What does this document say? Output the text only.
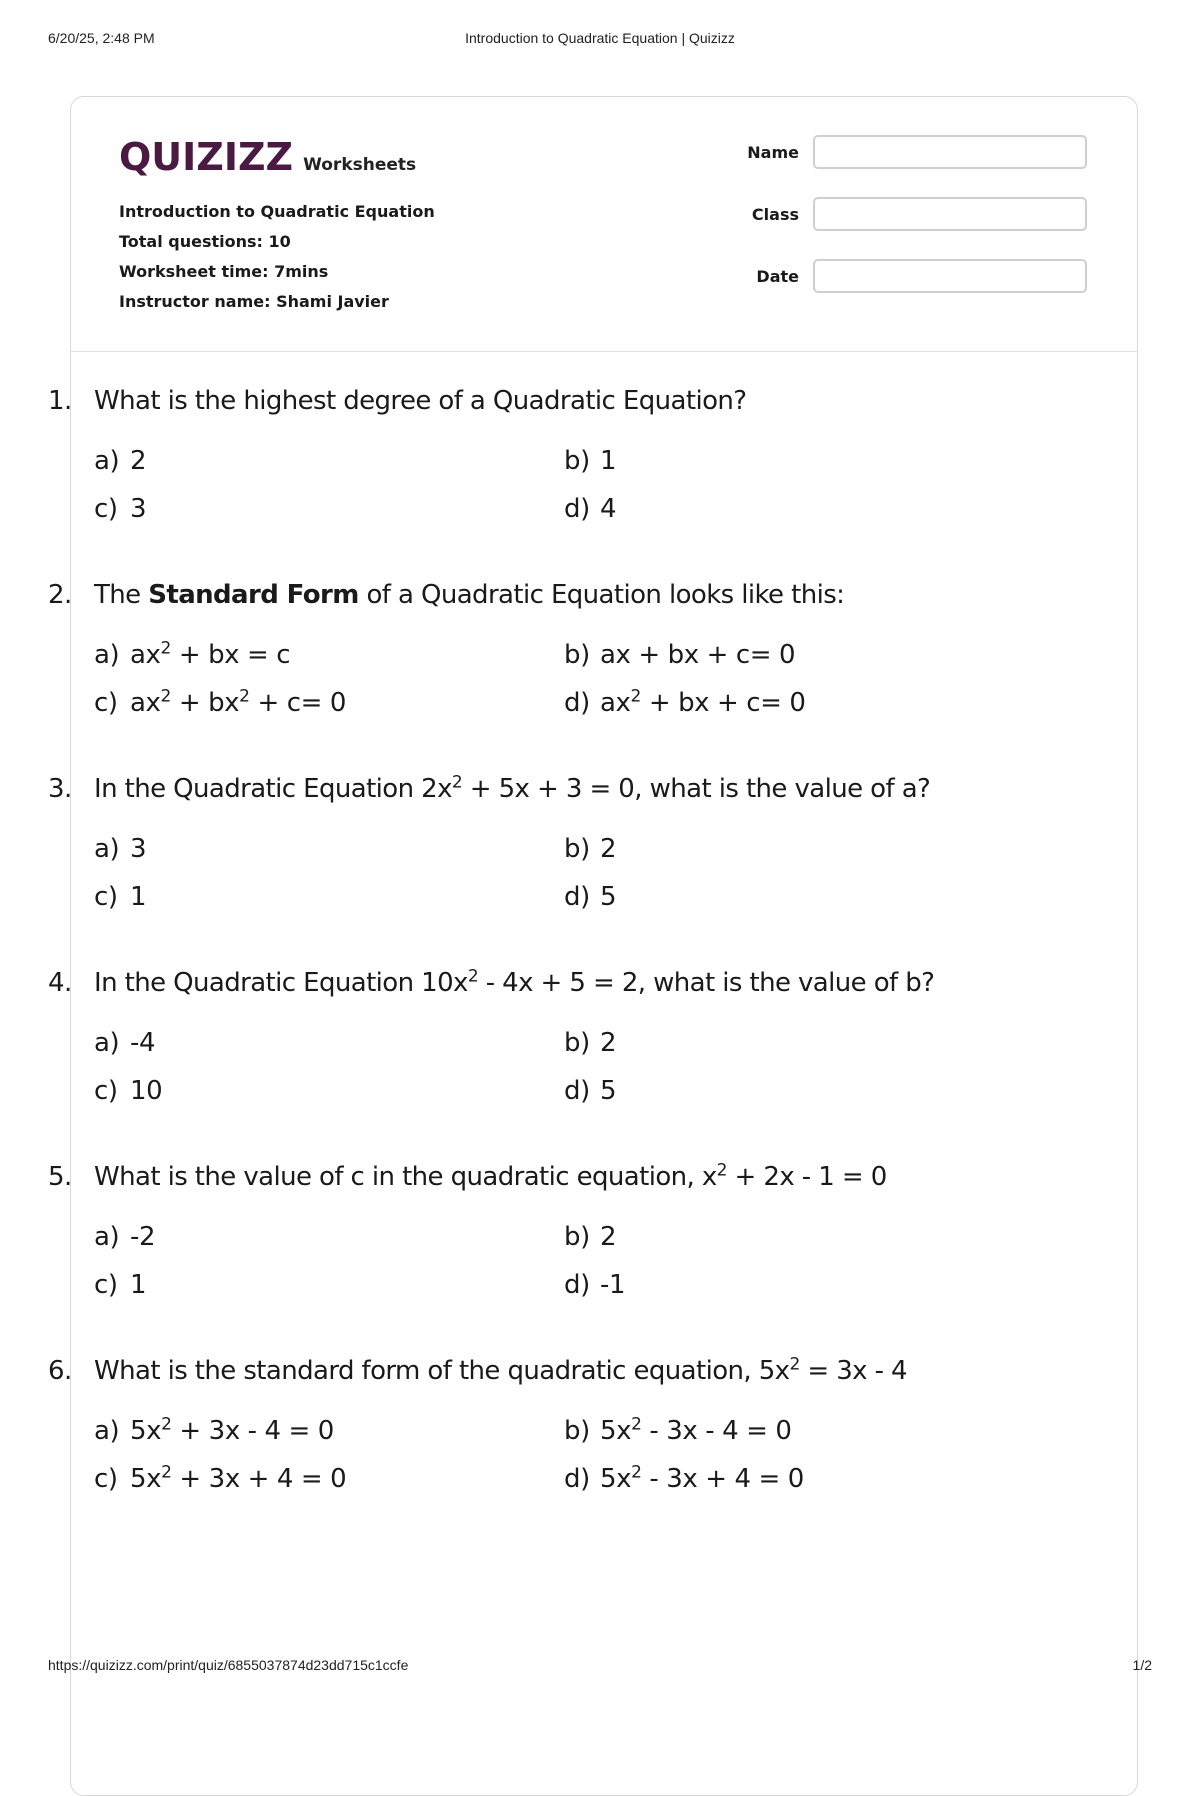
6/20/25, 2:48 PM	Introduction to Quadratic Equation | Quizizz
QUIZIZZ Worksheets
Introduction to Quadratic Equation
Total questions: 10
Worksheet time: 7mins
Instructor name: Shami Javier
Name
Class
Date
1. What is the highest degree of a Quadratic Equation?
a) 2	b) 1
c) 3	d) 4
2. The Standard Form of a Quadratic Equation looks like this:
a) $ax^2$ + bx = c	b) ax + bx + c= 0
c) $ax^2 + bx^2 + c= 0$	d) $ax^2$ + bx + c= 0
3. In the Quadratic Equation $2x^2 + 5x + 3 = 0$, what is the value of a?
a) 3	b) 2
c) 1	d) 5
4. In the Quadratic Equation $10x^2 - 4x + 5 = 2$, what is the value of b?
a) -4	b) 2
c) 10	d) 5
5. What is the value of c in the quadratic equation, $x^2 + 2x - 1 = 0$
a) -2	b) 2
c) 1	d) -1
6. What is the standard form of the quadratic equation, $5x^2 = 3x - 4$
a) $5x^2 + 3x - 4 = 0$	b) $5x^2 - 3x - 4 = 0$
c) $5x^2 + 3x + 4 = 0$	d) $5x^2 - 3x + 4 = 0$
https://quizizz.com/print/quiz/6855037874d23dd715c1ccfe	1/2
